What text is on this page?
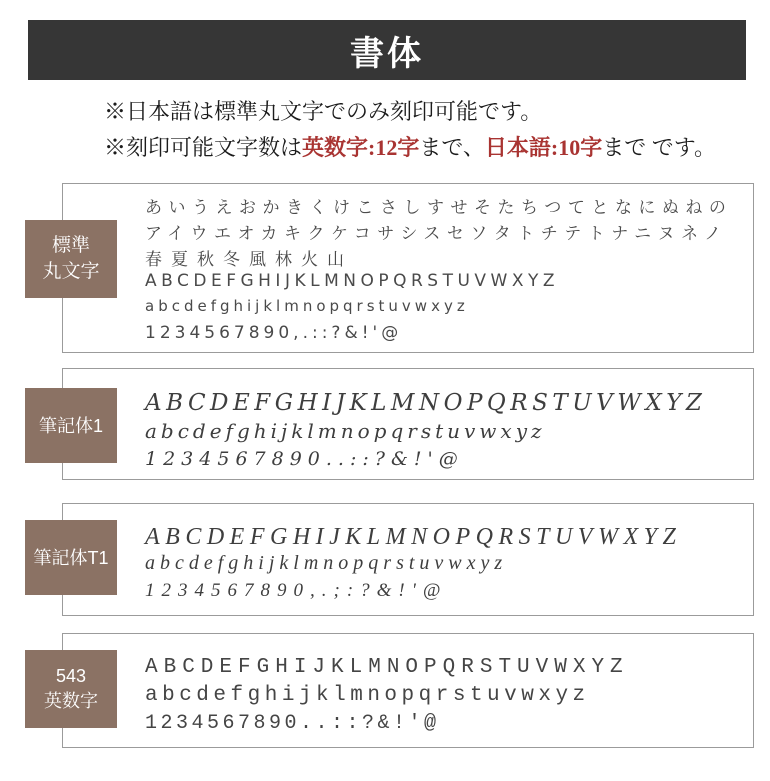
書体
※日本語は標準丸文字でのみ刻印可能です。
※刻印可能文字数は英数字:12字まで、日本語:10字まで です。
標準
丸文字
あいうえおかきくけこさしすせそたちつてとなにぬねの
アイウエオカキクケコサシスセソタトチテトナニヌネノ
春夏秋冬風林火山
ABCDEFGHIJKLMNOPQRSTUVWXYZ
abcdefghijklmnopqrstuvwxyz
1234567890,.::?&!'@
筆記体1
ABCDEFGHIJKLMNOPQRSTUVWXYZ
abcdefghijklmnopqrstuvwxyz
1234567890..::?&!'@
筆記体T1
ABCDEFGHIJKLMNOPQRSTUVWXYZ
abcdefghijklmnopqrstuvwxyz
1234567890,.;:?&!'@
543
英数字
ABCDEFGHIJKLMNOPQRSTUVWXYZ
abcdefghijklmnopqrstuvwxyz
1234567890..::?&!'@
